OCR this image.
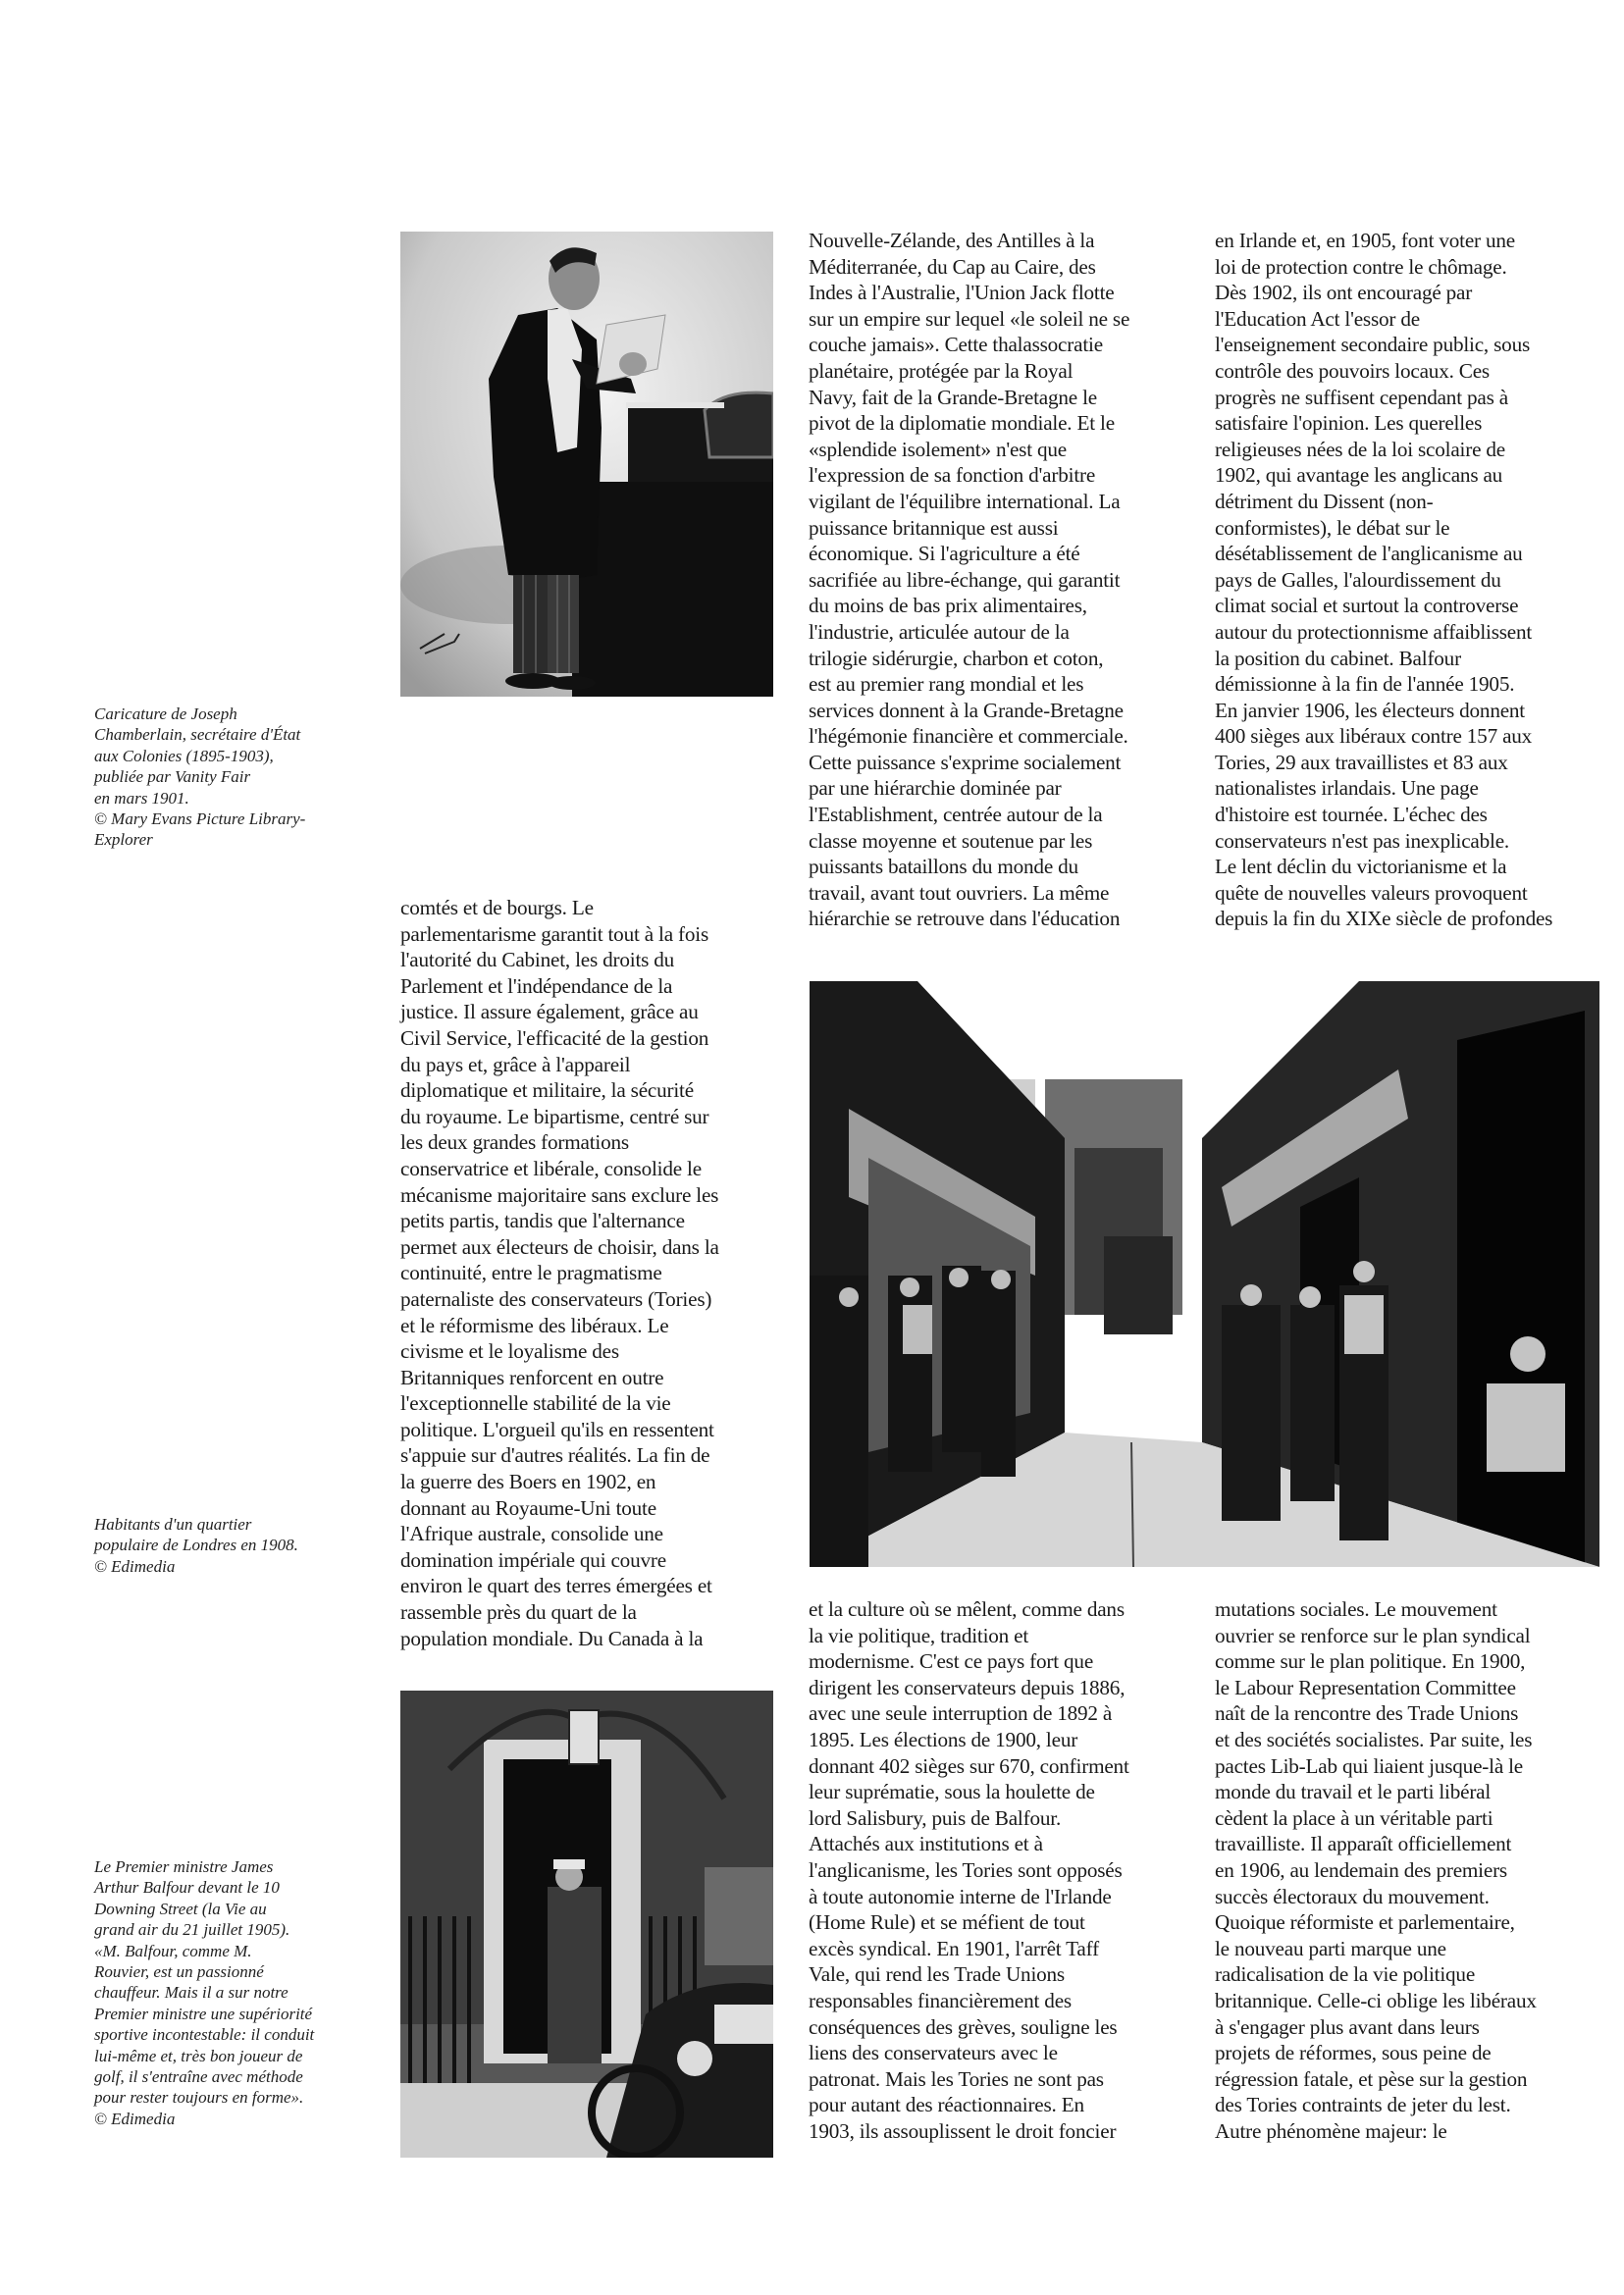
Caricature de Joseph
Chamberlain, secrétaire d'État
aux Colonies (1895-1903),
publiée par Vanity Fair
en mars 1901.
© Mary Evans Picture Library-
Explorer
Habitants d'un quartier
populaire de Londres en 1908.
© Edimedia
Le Premier ministre James
Arthur Balfour devant le 10
Downing Street (la Vie au
grand air du 21 juillet 1905).
«M. Balfour, comme M.
Rouvier, est un passionné
chauffeur. Mais il a sur notre
Premier ministre une supériorité
sportive incontestable: il conduit
lui-même et, très bon joueur de
golf, il s'entraîne avec méthode
pour rester toujours en forme».
© Edimedia
comtés et de bourgs. Le
parlementarisme garantit tout à la fois
l'autorité du Cabinet, les droits du
Parlement et l'indépendance de la
justice. Il assure également, grâce au
Civil Service, l'efficacité de la gestion
du pays et, grâce à l'appareil
diplomatique et militaire, la sécurité
du royaume. Le bipartisme, centré sur
les deux grandes formations
conservatrice et libérale, consolide le
mécanisme majoritaire sans exclure les
petits partis, tandis que l'alternance
permet aux électeurs de choisir, dans la
continuité, entre le pragmatisme
paternaliste des conservateurs (Tories)
et le réformisme des libéraux. Le
civisme et le loyalisme des
Britanniques renforcent en outre
l'exceptionnelle stabilité de la vie
politique. L'orgueil qu'ils en ressentent
s'appuie sur d'autres réalités. La fin de
la guerre des Boers en 1902, en
donnant au Royaume-Uni toute
l'Afrique australe, consolide une
domination impériale qui couvre
environ le quart des terres émergées et
rassemble près du quart de la
population mondiale. Du Canada à la
Nouvelle-Zélande, des Antilles à la
Méditerranée, du Cap au Caire, des
Indes à l'Australie, l'Union Jack flotte
sur un empire sur lequel «le soleil ne se
couche jamais». Cette thalassocratie
planétaire, protégée par la Royal
Navy, fait de la Grande-Bretagne le
pivot de la diplomatie mondiale. Et le
«splendide isolement» n'est que
l'expression de sa fonction d'arbitre
vigilant de l'équilibre international. La
puissance britannique est aussi
économique. Si l'agriculture a été
sacrifiée au libre-échange, qui garantit
du moins de bas prix alimentaires,
l'industrie, articulée autour de la
trilogie sidérurgie, charbon et coton,
est au premier rang mondial et les
services donnent à la Grande-Bretagne
l'hégémonie financière et commerciale.
Cette puissance s'exprime socialement
par une hiérarchie dominée par
l'Establishment, centrée autour de la
classe moyenne et soutenue par les
puissants bataillons du monde du
travail, avant tout ouvriers. La même
hiérarchie se retrouve dans l'éducation
en Irlande et, en 1905, font voter une
loi de protection contre le chômage.
Dès 1902, ils ont encouragé par
l'Education Act l'essor de
l'enseignement secondaire public, sous
contrôle des pouvoirs locaux. Ces
progrès ne suffisent cependant pas à
satisfaire l'opinion. Les querelles
religieuses nées de la loi scolaire de
1902, qui avantage les anglicans au
détriment du Dissent (non-
conformistes), le débat sur le
désétablissement de l'anglicanisme au
pays de Galles, l'alourdissement du
climat social et surtout la controverse
autour du protectionnisme affaiblissent
la position du cabinet. Balfour
démissionne à la fin de l'année 1905.
En janvier 1906, les électeurs donnent
400 sièges aux libéraux contre 157 aux
Tories, 29 aux travaillistes et 83 aux
nationalistes irlandais. Une page
d'histoire est tournée. L'échec des
conservateurs n'est pas inexplicable.
Le lent déclin du victorianisme et la
quête de nouvelles valeurs provoquent
depuis la fin du XIXe siècle de profondes
et la culture où se mêlent, comme dans
la vie politique, tradition et
modernisme. C'est ce pays fort que
dirigent les conservateurs depuis 1886,
avec une seule interruption de 1892 à
1895. Les élections de 1900, leur
donnant 402 sièges sur 670, confirment
leur suprématie, sous la houlette de
lord Salisbury, puis de Balfour.
Attachés aux institutions et à
l'anglicanisme, les Tories sont opposés
à toute autonomie interne de l'Irlande
(Home Rule) et se méfient de tout
excès syndical. En 1901, l'arrêt Taff
Vale, qui rend les Trade Unions
responsables financièrement des
conséquences des grèves, souligne les
liens des conservateurs avec le
patronat. Mais les Tories ne sont pas
pour autant des réactionnaires. En
1903, ils assouplissent le droit foncier
mutations sociales. Le mouvement
ouvrier se renforce sur le plan syndical
comme sur le plan politique. En 1900,
le Labour Representation Committee
naît de la rencontre des Trade Unions
et des sociétés socialistes. Par suite, les
pactes Lib-Lab qui liaient jusque-là le
monde du travail et le parti libéral
cèdent la place à un véritable parti
travailliste. Il apparaît officiellement
en 1906, au lendemain des premiers
succès électoraux du mouvement.
Quoique réformiste et parlementaire,
le nouveau parti marque une
radicalisation de la vie politique
britannique. Celle-ci oblige les libéraux
à s'engager plus avant dans leurs
projets de réformes, sous peine de
régression fatale, et pèse sur la gestion
des Tories contraints de jeter du lest.
Autre phénomène majeur: le
